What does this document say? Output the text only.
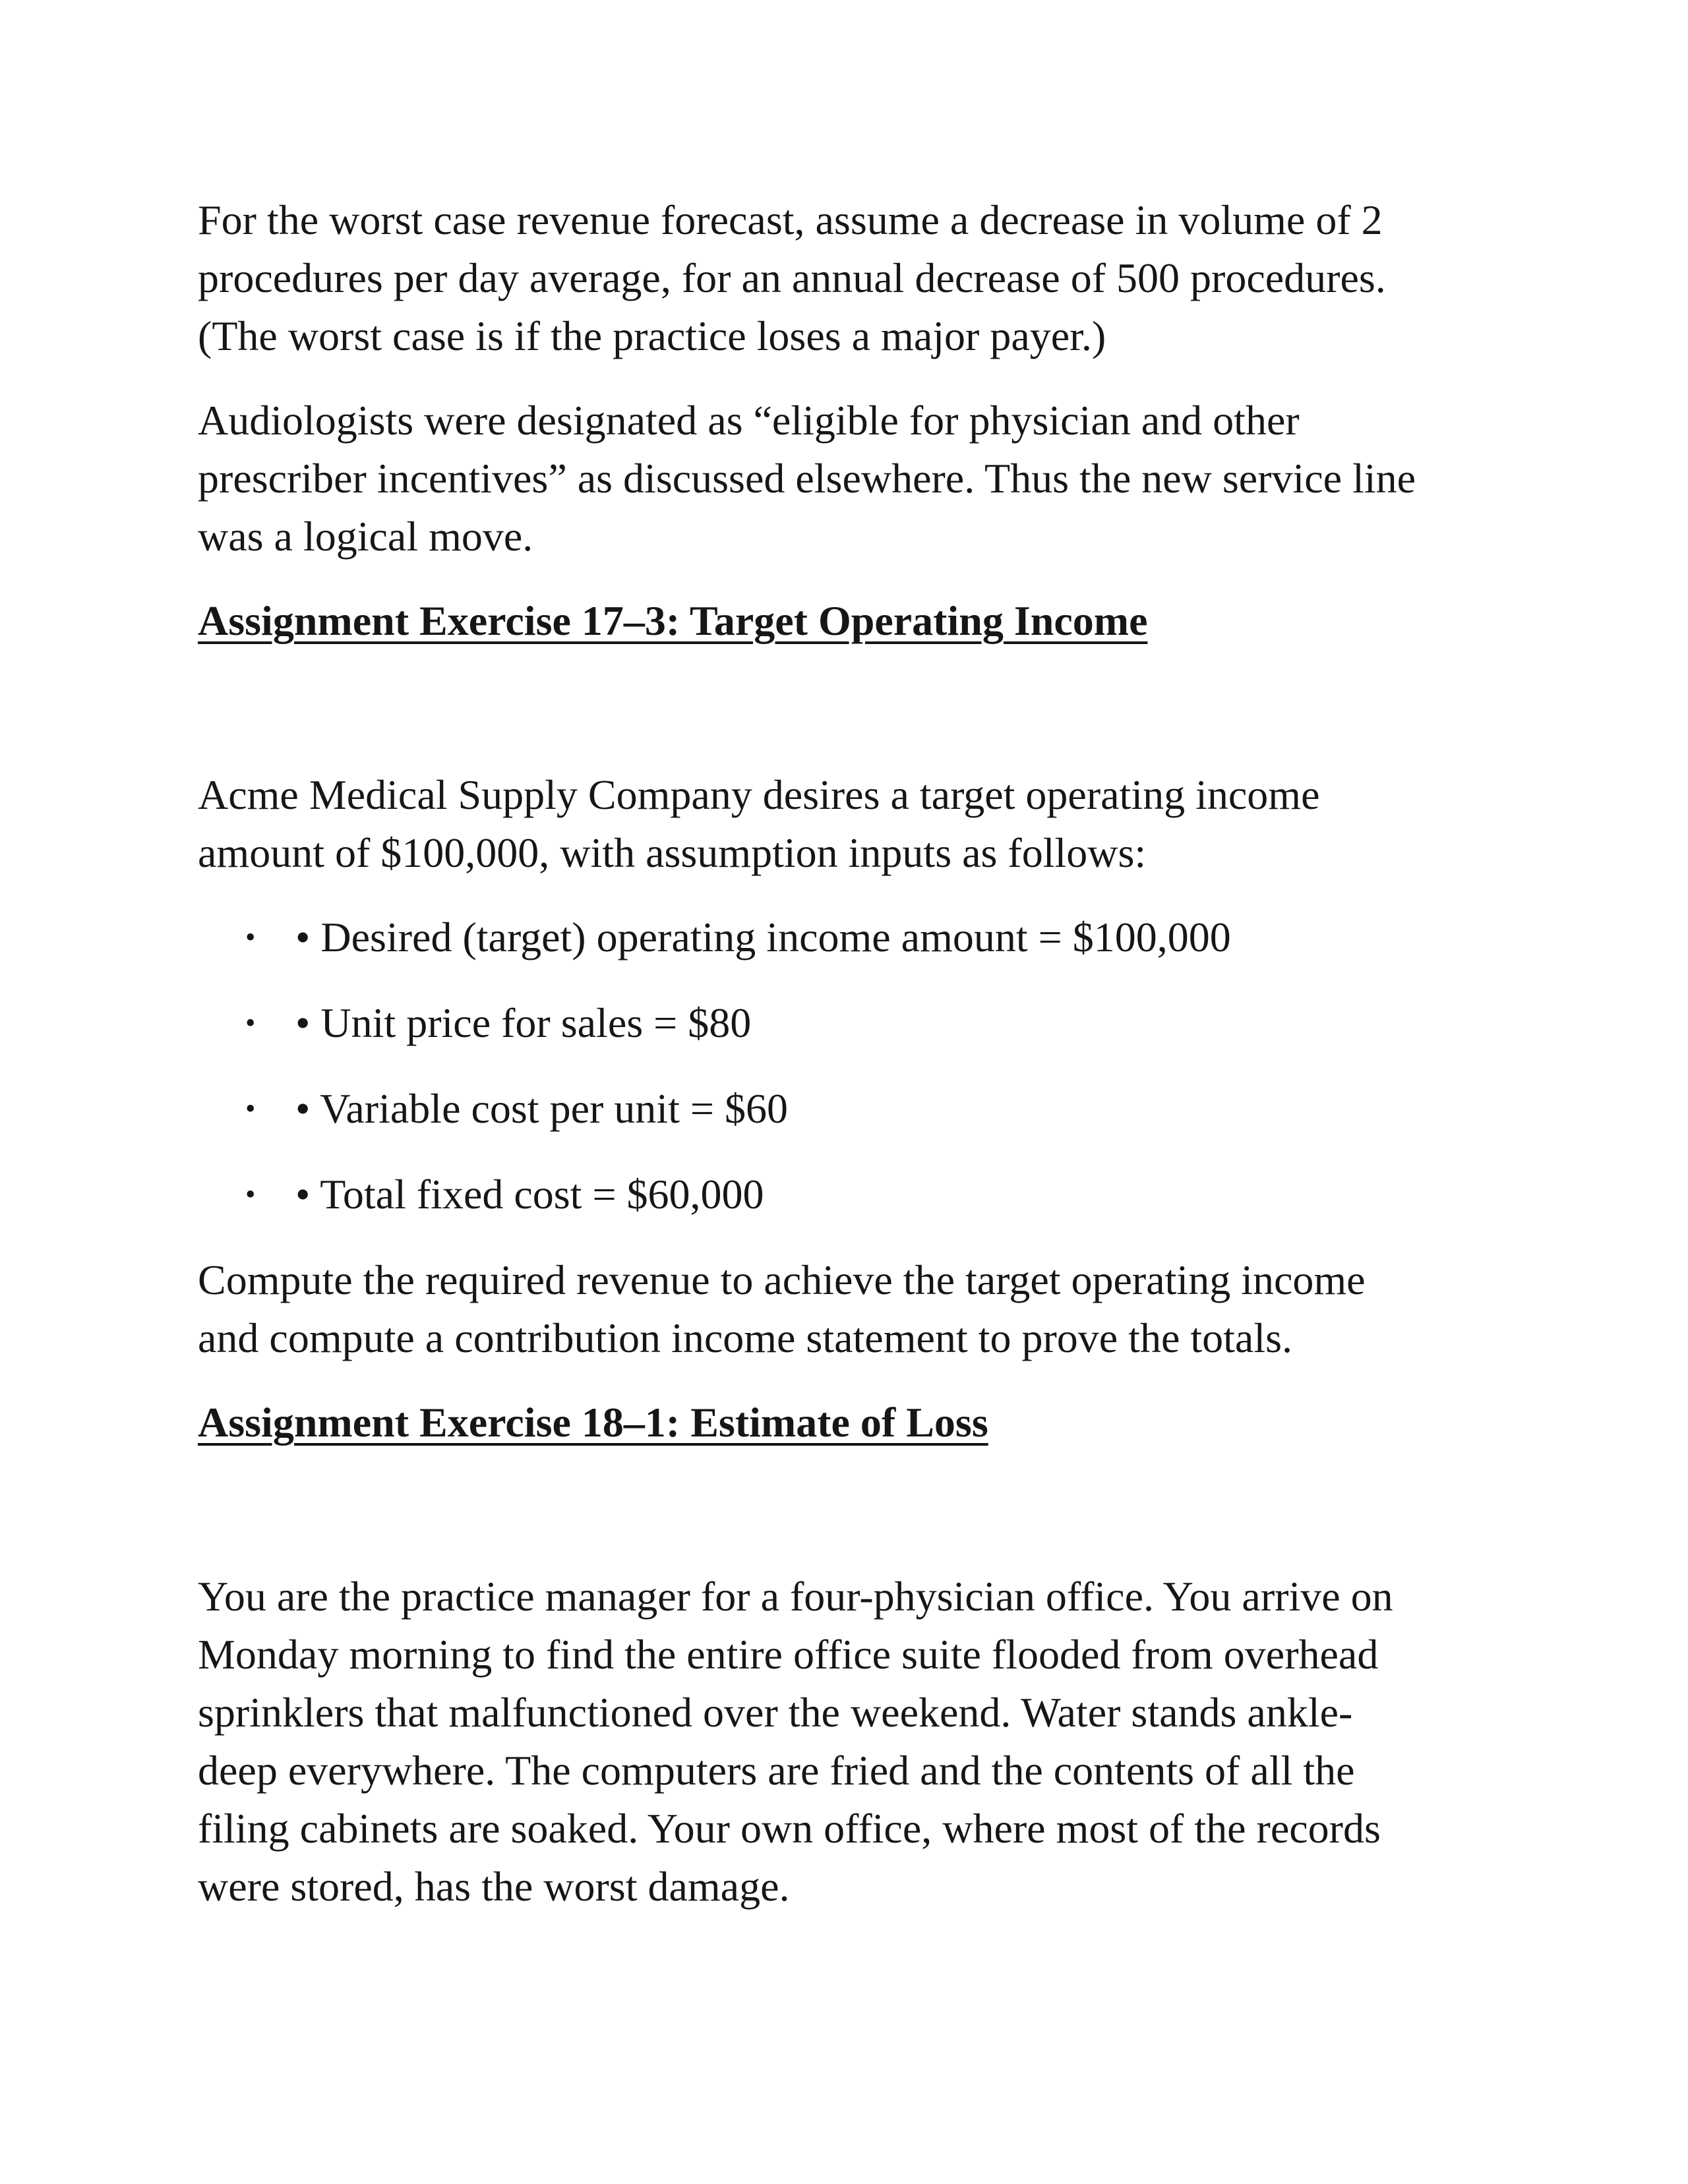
For the worst case revenue forecast, assume a decrease in volume of 2
procedures per day average, for an annual decrease of 500 procedures.
(The worst case is if the practice loses a major payer.)

Audiologists were designated as “eligible for physician and other
prescriber incentives” as discussed elsewhere. Thus the new service line
was a logical move.

Assignment Exercise 17–3: Target Operating Income

Acme Medical Supply Company desires a target operating income
amount of $100,000, with assumption inputs as follows:

• • Desired (target) operating income amount = $100,000
• • Unit price for sales = $80
• • Variable cost per unit = $60
• • Total fixed cost = $60,000

Compute the required revenue to achieve the target operating income
and compute a contribution income statement to prove the totals.

Assignment Exercise 18–1: Estimate of Loss

You are the practice manager for a four-physician office. You arrive on
Monday morning to find the entire office suite flooded from overhead
sprinklers that malfunctioned over the weekend. Water stands ankle-
deep everywhere. The computers are fried and the contents of all the
filing cabinets are soaked. Your own office, where most of the records
were stored, has the worst damage.
